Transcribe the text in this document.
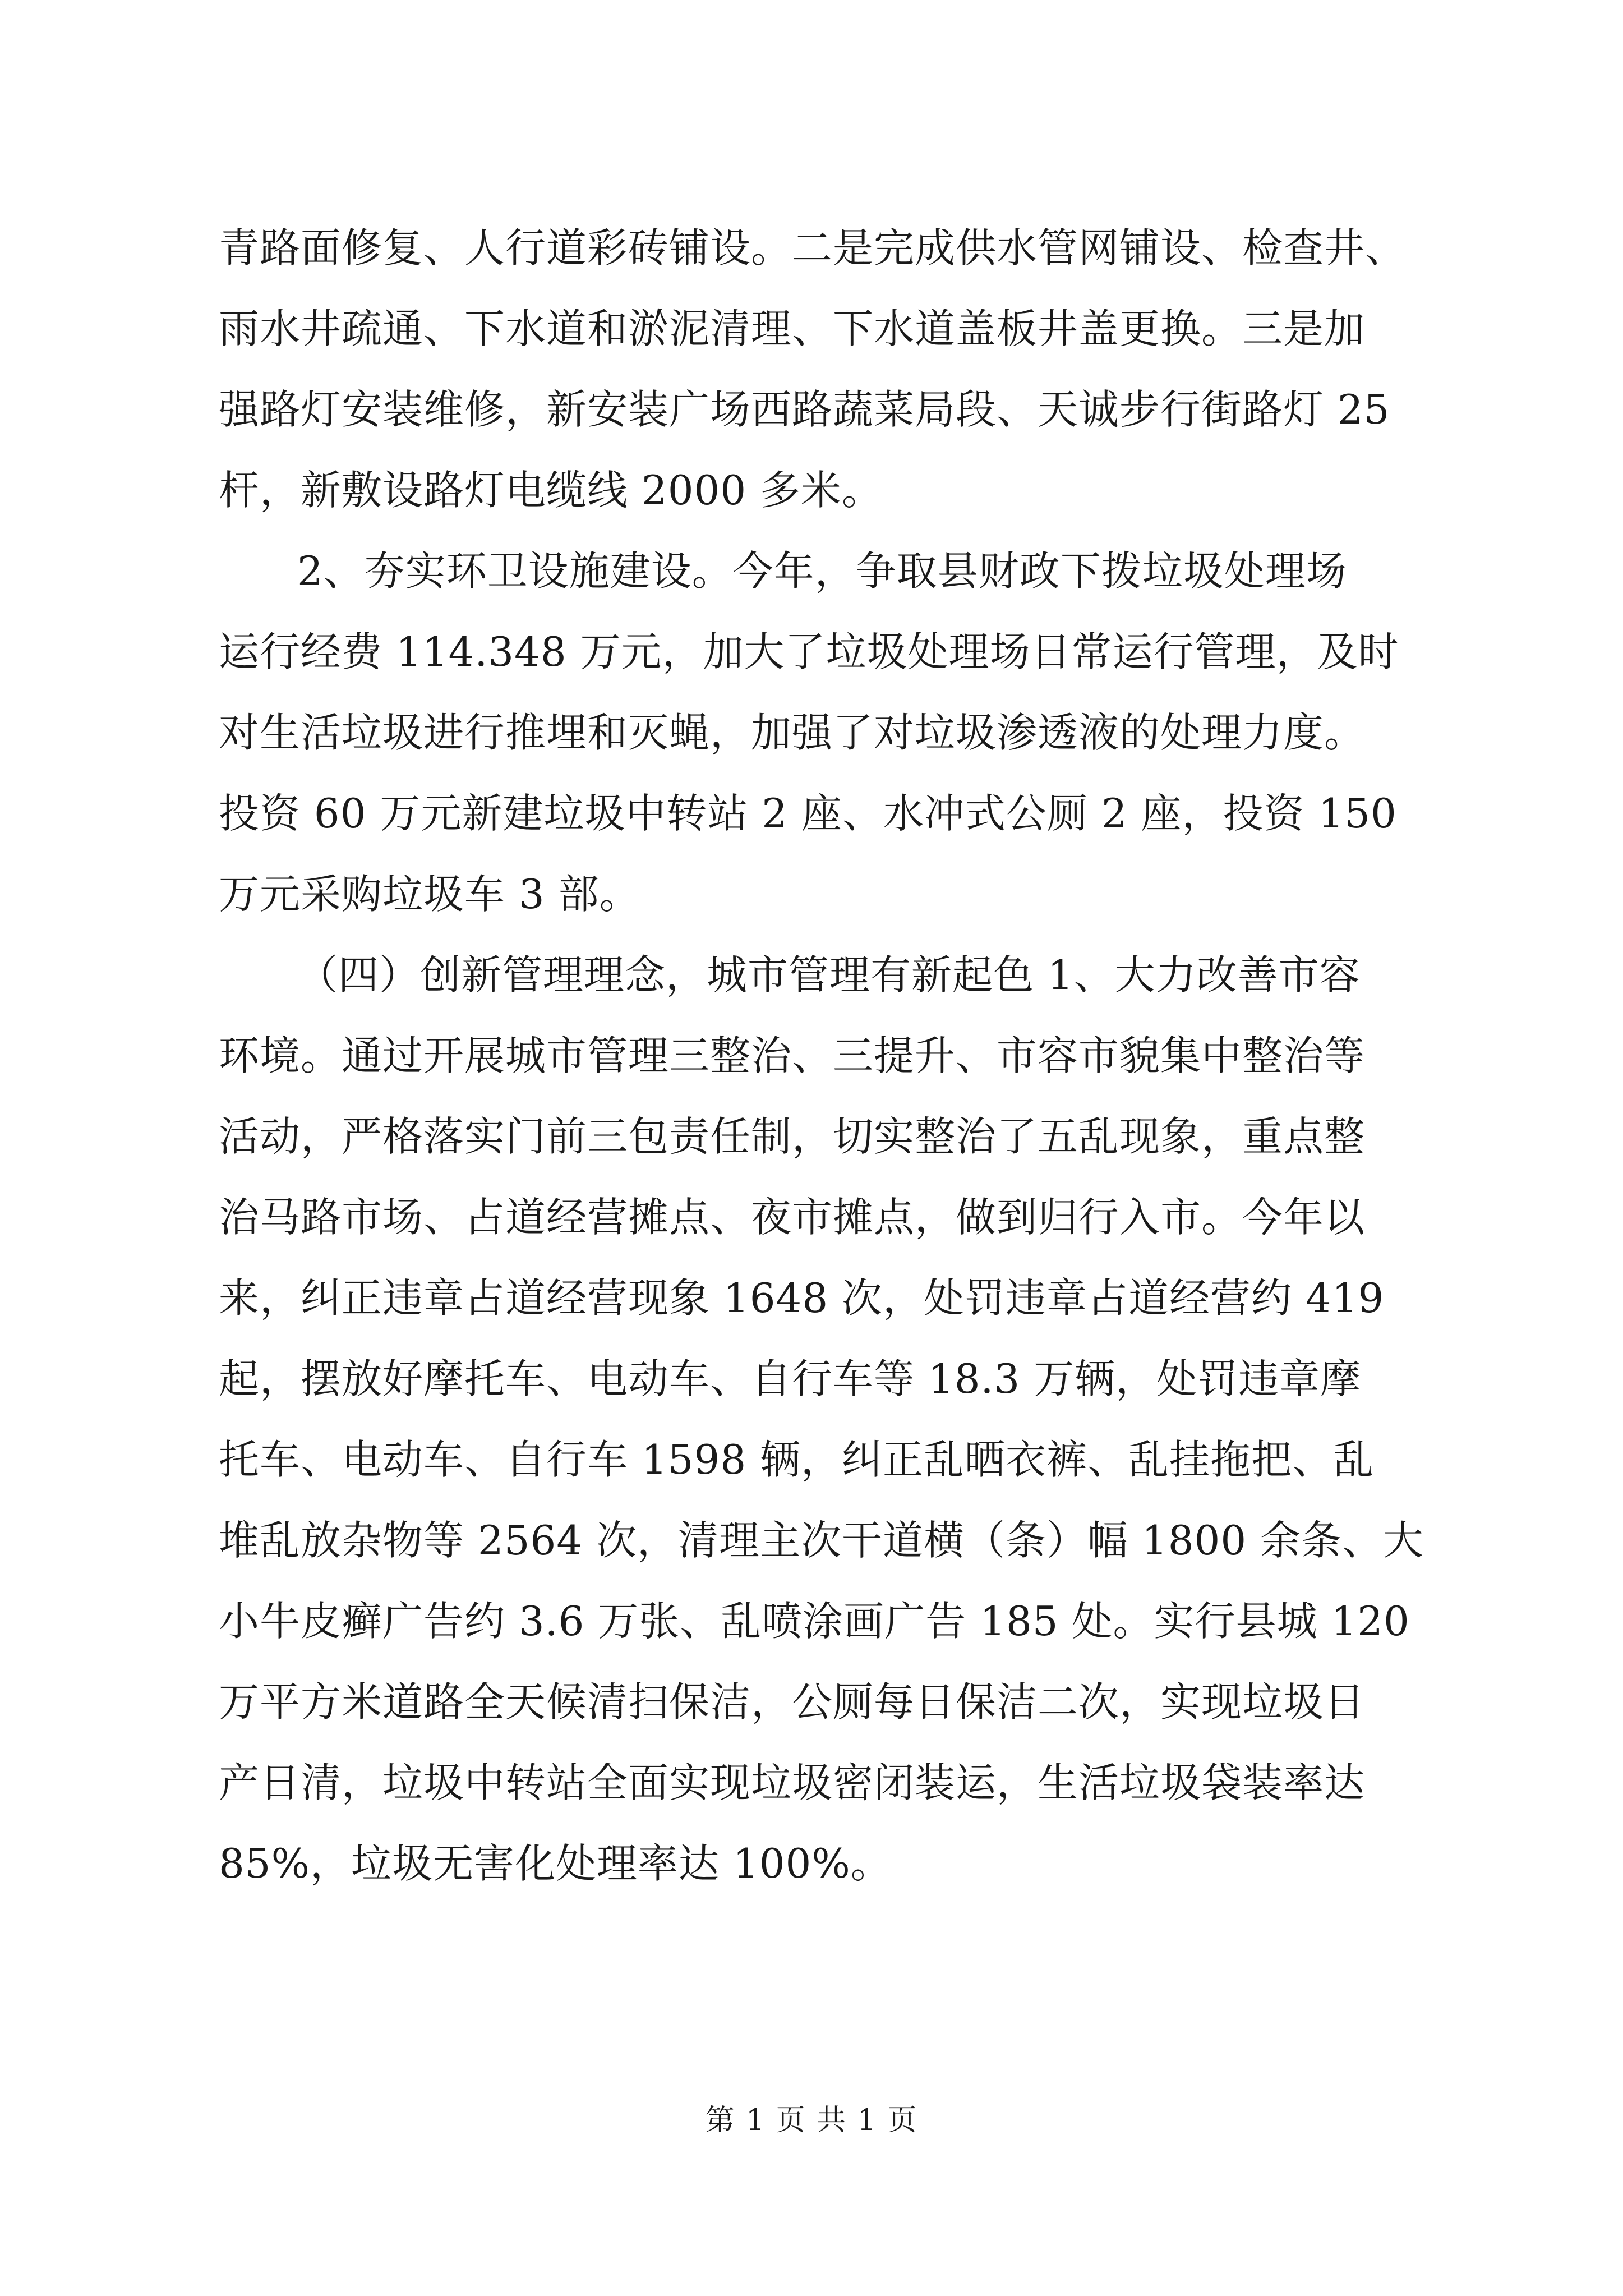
青路面修复、人行道彩砖铺设。二是完成供水管网铺设、检查井、
雨水井疏通、下水道和淤泥清理、下水道盖板井盖更换。三是加
强路灯安装维修，新安装广场西路蔬菜局段、天诚步行街路灯 25
杆，新敷设路灯电缆线 2000 多米。
2、夯实环卫设施建设。今年，争取县财政下拨垃圾处理场
运行经费 114.348 万元，加大了垃圾处理场日常运行管理，及时
对生活垃圾进行推埋和灭蝇，加强了对垃圾渗透液的处理力度。
投资 60 万元新建垃圾中转站 2 座、水冲式公厕 2 座，投资 150
万元采购垃圾车 3 部。
（四）创新管理理念，城市管理有新起色 1、大力改善市容
环境。通过开展城市管理三整治、三提升、市容市貌集中整治等
活动，严格落实门前三包责任制，切实整治了五乱现象，重点整
治马路市场、占道经营摊点、夜市摊点，做到归行入市。今年以
来，纠正违章占道经营现象 1648 次，处罚违章占道经营约 419
起，摆放好摩托车、电动车、自行车等 18.3 万辆，处罚违章摩
托车、电动车、自行车 1598 辆，纠正乱晒衣裤、乱挂拖把、乱
堆乱放杂物等 2564 次，清理主次干道横（条）幅 1800 余条、大
小牛皮癣广告约 3.6 万张、乱喷涂画广告 185 处。实行县城 120
万平方米道路全天候清扫保洁，公厕每日保洁二次，实现垃圾日
产日清，垃圾中转站全面实现垃圾密闭装运，生活垃圾袋装率达
85%，垃圾无害化处理率达 100%。
第 1 页 共 1 页
